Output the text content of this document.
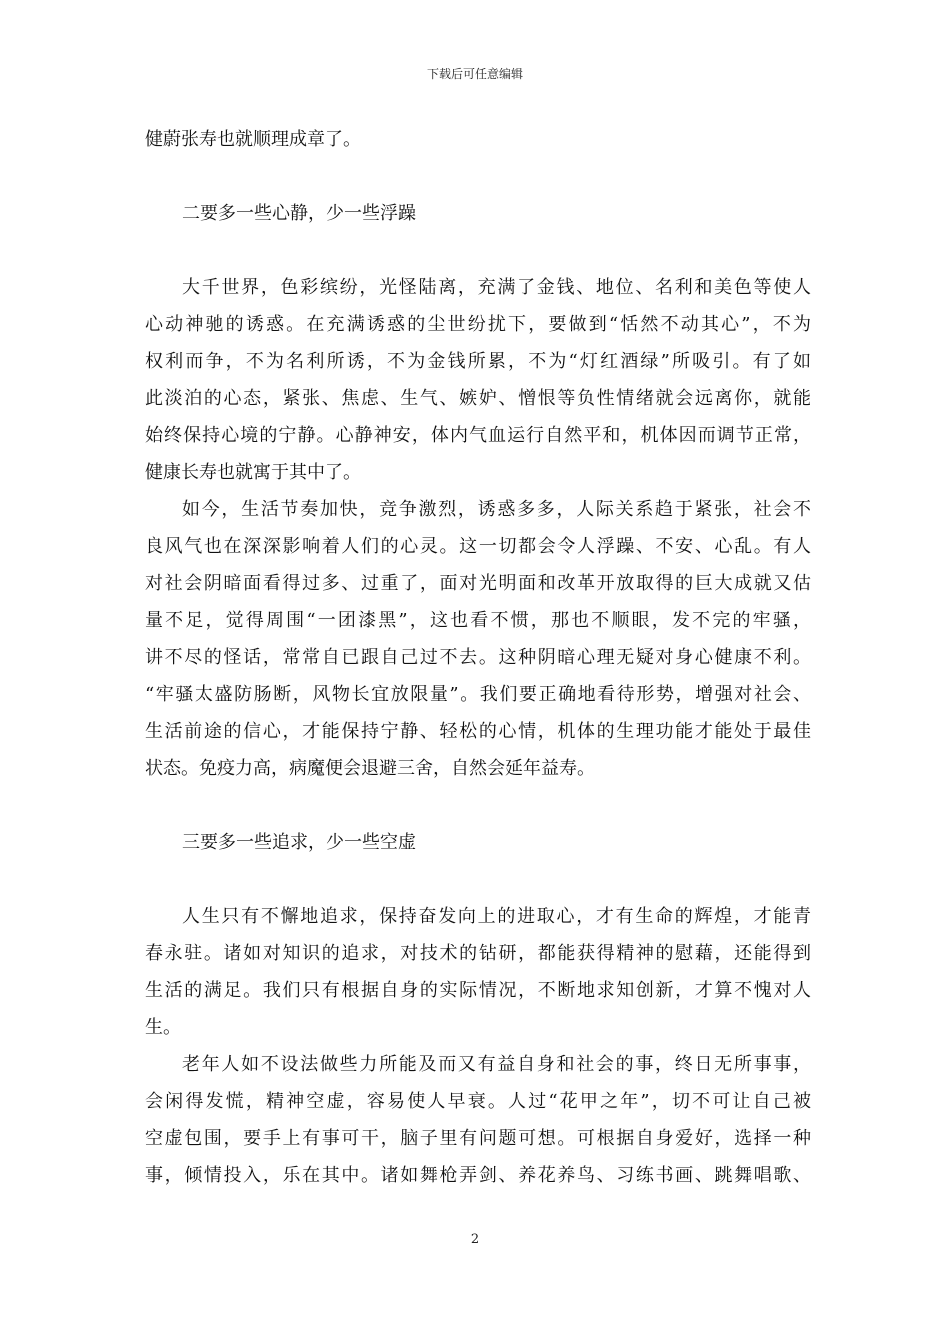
下载后可任意编辑
健蔚张寿也就顺理成章了。
二要多一些心静，少一些浮躁
大千世界，色彩缤纷，光怪陆离，充满了金钱、地位、名利和美色等使人
心动神驰的诱惑。在充满诱惑的尘世纷扰下，要做到“恬然不动其心”，不为
权利而争，不为名利所诱，不为金钱所累，不为“灯红酒绿”所吸引。有了如
此淡泊的心态，紧张、焦虑、生气、嫉妒、憎恨等负性情绪就会远离你，就能
始终保持心境的宁静。心静神安，体内气血运行自然平和，机体因而调节正常，
健康长寿也就寓于其中了。
如今，生活节奏加快，竞争激烈，诱惑多多，人际关系趋于紧张，社会不
良风气也在深深影响着人们的心灵。这一切都会令人浮躁、不安、心乱。有人
对社会阴暗面看得过多、过重了，面对光明面和改革开放取得的巨大成就又估
量不足，觉得周围“一团漆黑”，这也看不惯，那也不顺眼，发不完的牢骚，
讲不尽的怪话，常常自已跟自己过不去。这种阴暗心理无疑对身心健康不利。
“牢骚太盛防肠断，风物长宜放限量”。我们要正确地看待形势，增强对社会、
生活前途的信心，才能保持宁静、轻松的心情，机体的生理功能才能处于最佳
状态。免疫力高，病魔便会退避三舍，自然会延年益寿。
三要多一些追求，少一些空虚
人生只有不懈地追求，保持奋发向上的进取心，才有生命的辉煌，才能青
春永驻。诸如对知识的追求，对技术的钻研，都能获得精神的慰藉，还能得到
生活的满足。我们只有根据自身的实际情况，不断地求知创新，才算不愧对人
生。
老年人如不设法做些力所能及而又有益自身和社会的事，终日无所事事，
会闲得发慌，精神空虚，容易使人早衰。人过“花甲之年”，切不可让自己被
空虚包围，要手上有事可干，脑子里有问题可想。可根据自身爱好，选择一种
事，倾情投入，乐在其中。诸如舞枪弄剑、养花养鸟、习练书画、跳舞唱歌、
2
